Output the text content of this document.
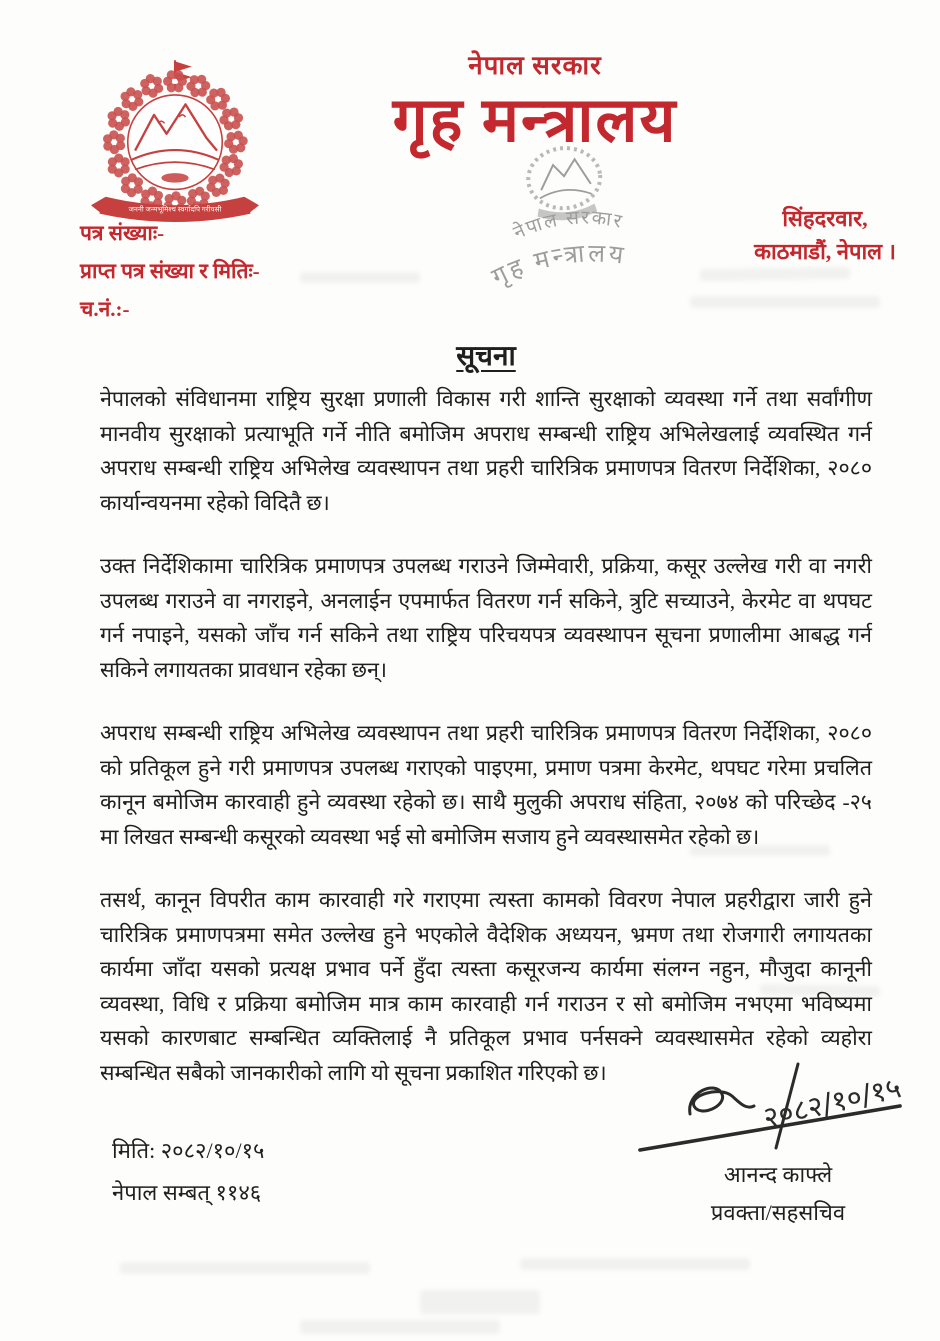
जननी जन्मभूमिश्च स्वर्गादपि गरीयसी
नेपाल सरकार
गृह मन्त्रालय
नेपाल सरकार
गृह मन्त्रालय
पत्र संख्याः-
प्राप्त पत्र संख्या र मितिः-
च.नं.:-
सिंहदरवार,
काठमाडौं, नेपाल ।
सूचना

नेपालको संविधानमा राष्ट्रिय सुरक्षा प्रणाली विकास गरी शान्ति सुरक्षाको व्यवस्था गर्ने तथा सर्वांगीण मानवीय सुरक्षाको प्रत्याभूति गर्ने नीति बमोजिम अपराध सम्बन्धी राष्ट्रिय अभिलेखलाई व्यवस्थित गर्न अपराध सम्बन्धी राष्ट्रिय अभिलेख व्यवस्थापन तथा प्रहरी चारित्रिक प्रमाणपत्र वितरण निर्देशिका, २०८० कार्यान्वयनमा रहेको विदितै छ।

उक्त निर्देशिकामा चारित्रिक प्रमाणपत्र उपलब्ध गराउने जिम्मेवारी, प्रक्रिया, कसूर उल्लेख गरी वा नगरी उपलब्ध गराउने वा नगराइने, अनलाईन एपमार्फत वितरण गर्न सकिने, त्रुटि सच्याउने, केरमेट वा थपघट गर्न नपाइने, यसको जाँच गर्न सकिने तथा राष्ट्रिय परिचयपत्र व्यवस्थापन सूचना प्रणालीमा आबद्ध गर्न सकिने लगायतका प्रावधान रहेका छन्।

अपराध सम्बन्धी राष्ट्रिय अभिलेख व्यवस्थापन तथा प्रहरी चारित्रिक प्रमाणपत्र वितरण निर्देशिका, २०८० को प्रतिकूल हुने गरी प्रमाणपत्र उपलब्ध गराएको पाइएमा, प्रमाण पत्रमा केरमेट, थपघट गरेमा प्रचलित कानून बमोजिम कारवाही हुने व्यवस्था रहेको छ। साथै मुलुकी अपराध संहिता, २०७४ को परिच्छेद -२५ मा लिखत सम्बन्धी कसूरको व्यवस्था भई सो बमोजिम सजाय हुने व्यवस्थासमेत रहेको छ।

तसर्थ, कानून विपरीत काम कारवाही गरे गराएमा त्यस्ता कामको विवरण नेपाल प्रहरीद्वारा जारी हुने चारित्रिक प्रमाणपत्रमा समेत उल्लेख हुने भएकोले वैदेशिक अध्ययन, भ्रमण तथा रोजगारी लगायतका कार्यमा जाँदा यसको प्रत्यक्ष प्रभाव पर्ने हुँदा त्यस्ता कसूरजन्य कार्यमा संलग्न नहुन, मौजुदा कानूनी व्यवस्था, विधि र प्रक्रिया बमोजिम मात्र काम कारवाही गर्न गराउन र सो बमोजिम नभएमा भविष्यमा यसको कारणबाट सम्बन्धित व्यक्तिलाई नै प्रतिकूल प्रभाव पर्नसक्ने व्यवस्थासमेत रहेको व्यहोरा सम्बन्धित सबैको जानकारीको लागि यो सूचना प्रकाशित गरिएको छ।

मिति: २०८२/१०/१५
नेपाल सम्बत् ११४६
२०८२/१०/१५
आनन्द काफ्ले
प्रवक्ता/सहसचिव
